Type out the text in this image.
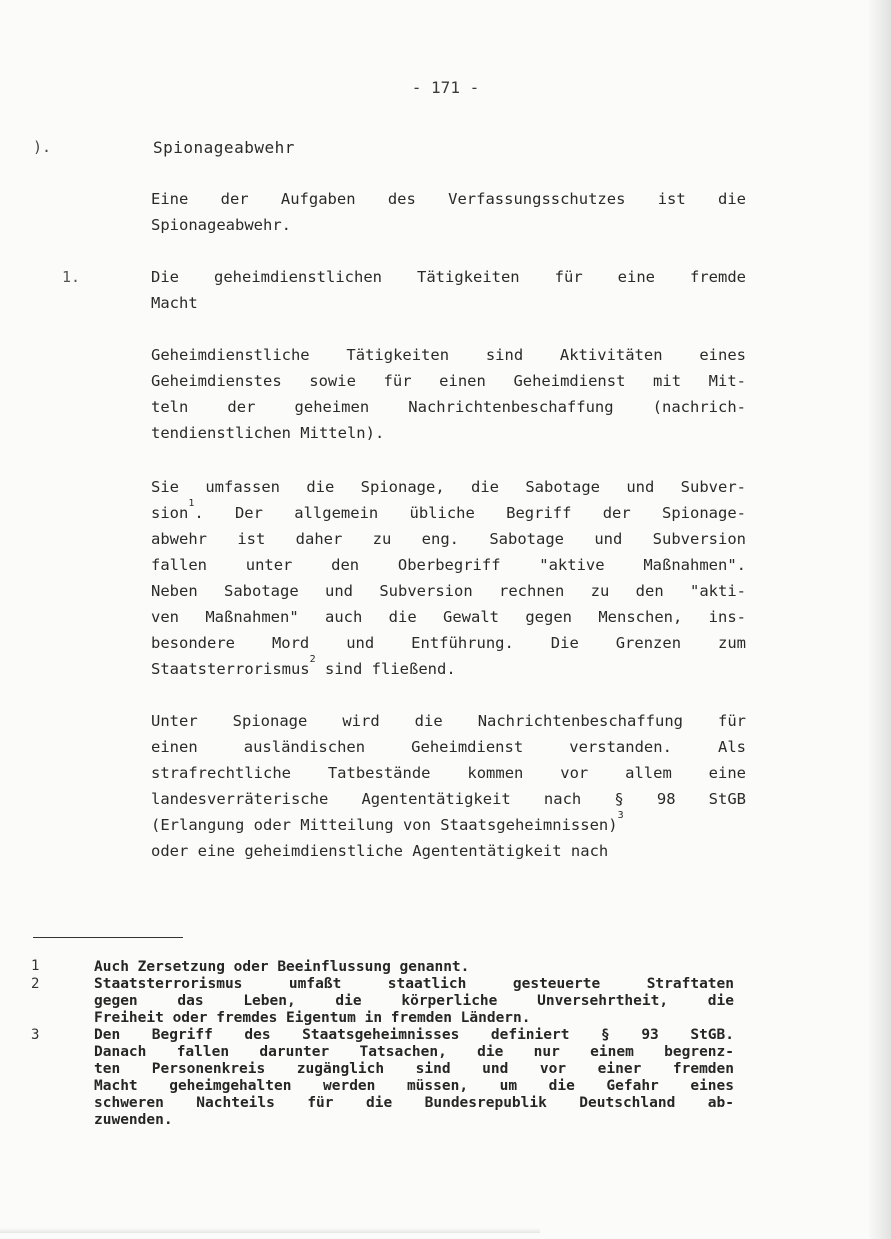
- 171 -
).	Spionageabwehr
Eine der Aufgaben des Verfassungsschutzes ist die
Spionageabwehr.
1.	Die geheimdienstlichen Tätigkeiten für eine fremde
Macht
Geheimdienstliche Tätigkeiten sind Aktivitäten eines
Geheimdienstes sowie für einen Geheimdienst mit Mit-
teln der geheimen Nachrichtenbeschaffung (nachrich-
tendienstlichen Mitteln).
Sie umfassen die Spionage, die Sabotage und Subver-
sion$^1$. Der allgemein übliche Begriff der Spionage-
abwehr ist daher zu eng. Sabotage und Subversion
fallen unter den Oberbegriff "aktive Maßnahmen".
Neben Sabotage und Subversion rechnen zu den "akti-
ven Maßnahmen" auch die Gewalt gegen Menschen, ins-
besondere Mord und Entführung. Die Grenzen zum
Staatsterrorismus$^2$ sind fließend.
Unter Spionage wird die Nachrichtenbeschaffung für
einen ausländischen Geheimdienst verstanden. Als
strafrechtliche Tatbestände kommen vor allem eine
landesverräterische Agententätigkeit nach § 98 StGB
(Erlangung oder Mitteilung von Staatsgeheimnissen)$^3$
oder eine geheimdienstliche Agententätigkeit nach
1	Auch Zersetzung oder Beeinflussung genannt.
2	Staatsterrorismus umfaßt staatlich gesteuerte Straftaten
gegen das Leben, die körperliche Unversehrtheit, die
Freiheit oder fremdes Eigentum in fremden Ländern.
3	Den Begriff des Staatsgeheimnisses definiert § 93 StGB.
Danach fallen darunter Tatsachen, die nur einem begrenz-
ten Personenkreis zugänglich sind und vor einer fremden
Macht geheimgehalten werden müssen, um die Gefahr eines
schweren Nachteils für die Bundesrepublik Deutschland ab-
zuwenden.
